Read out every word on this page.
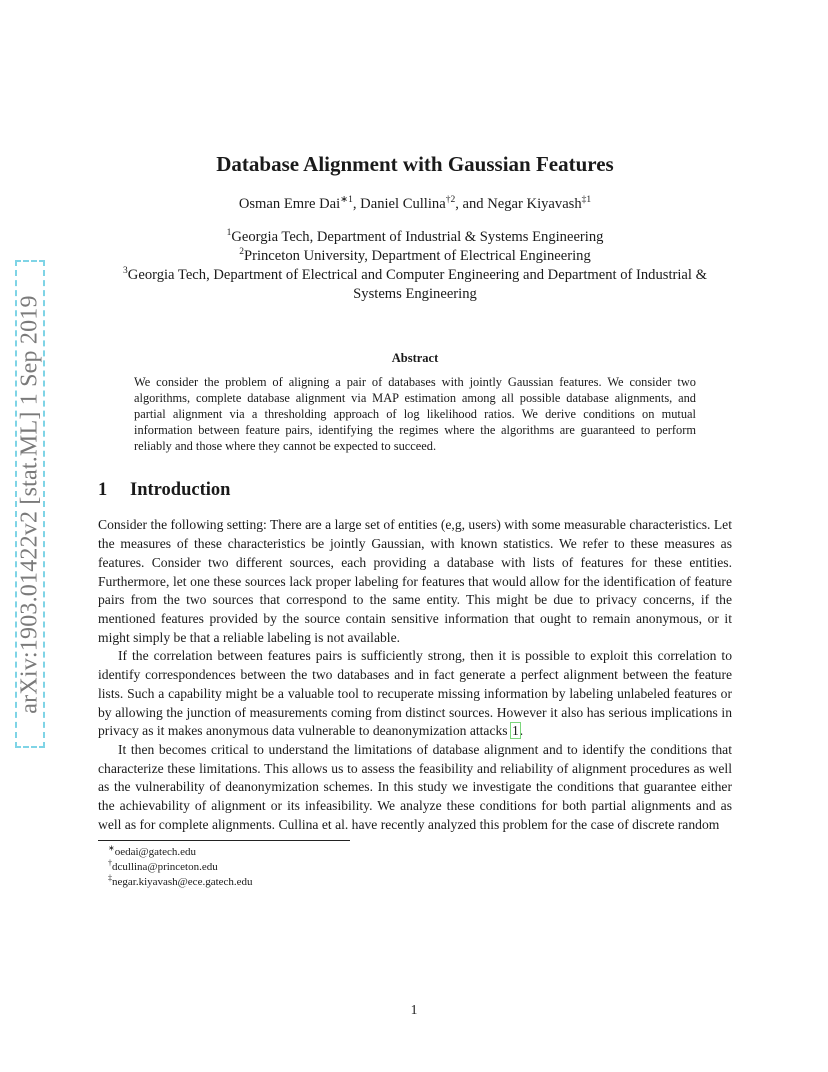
arXiv:1903.01422v2 [stat.ML] 1 Sep 2019
Database Alignment with Gaussian Features
Osman Emre Dai$^{∗1}$, Daniel Cullina$^{\dagger 2}$, and Negar Kiyavash$^{\ddagger 1}$
$^1$Georgia Tech, Department of Industrial & Systems Engineering
$^2$Princeton University, Department of Electrical Engineering
$^3$Georgia Tech, Department of Electrical and Computer Engineering and Department of Industrial & Systems Engineering
Abstract
We consider the problem of aligning a pair of databases with jointly Gaussian features. We consider two algorithms, complete database alignment via MAP estimation among all possible database alignments, and partial alignment via a thresholding approach of log likelihood ratios. We derive conditions on mutual information between feature pairs, identifying the regimes where the algorithms are guaranteed to perform reliably and those where they cannot be expected to succeed.
1 Introduction

Consider the following setting: There are a large set of entities (e,g, users) with some measurable characteristics. Let the measures of these characteristics be jointly Gaussian, with known statistics. We refer to these measures as features. Consider two different sources, each providing a database with lists of features for these entities. Furthermore, let one these sources lack proper labeling for features that would allow for the identification of feature pairs from the two sources that correspond to the same entity. This might be due to privacy concerns, if the mentioned features provided by the source contain sensitive information that ought to remain anonymous, or it might simply be that a reliable labeling is not available.

If the correlation between features pairs is sufficiently strong, then it is possible to exploit this correlation to identify correspondences between the two databases and in fact generate a perfect alignment between the feature lists. Such a capability might be a valuable tool to recuperate missing information by labeling unlabeled features or by allowing the junction of measurements coming from distinct sources. However it also has serious implications in privacy as it makes anonymous data vulnerable to deanonymization attacks 1.

It then becomes critical to understand the limitations of database alignment and to identify the conditions that characterize these limitations. This allows us to assess the feasibility and reliability of alignment procedures as well as the vulnerability of deanonymization schemes. In this study we investigate the conditions that guarantee either the achievability of alignment or its infeasibility. We analyze these conditions for both partial alignments and as well as for complete alignments. Cullina et al. have recently analyzed this problem for the case of discrete random

∗oedai@gatech.edu
†dcullina@princeton.edu
‡negar.kiyavash@ece.gatech.edu
1
